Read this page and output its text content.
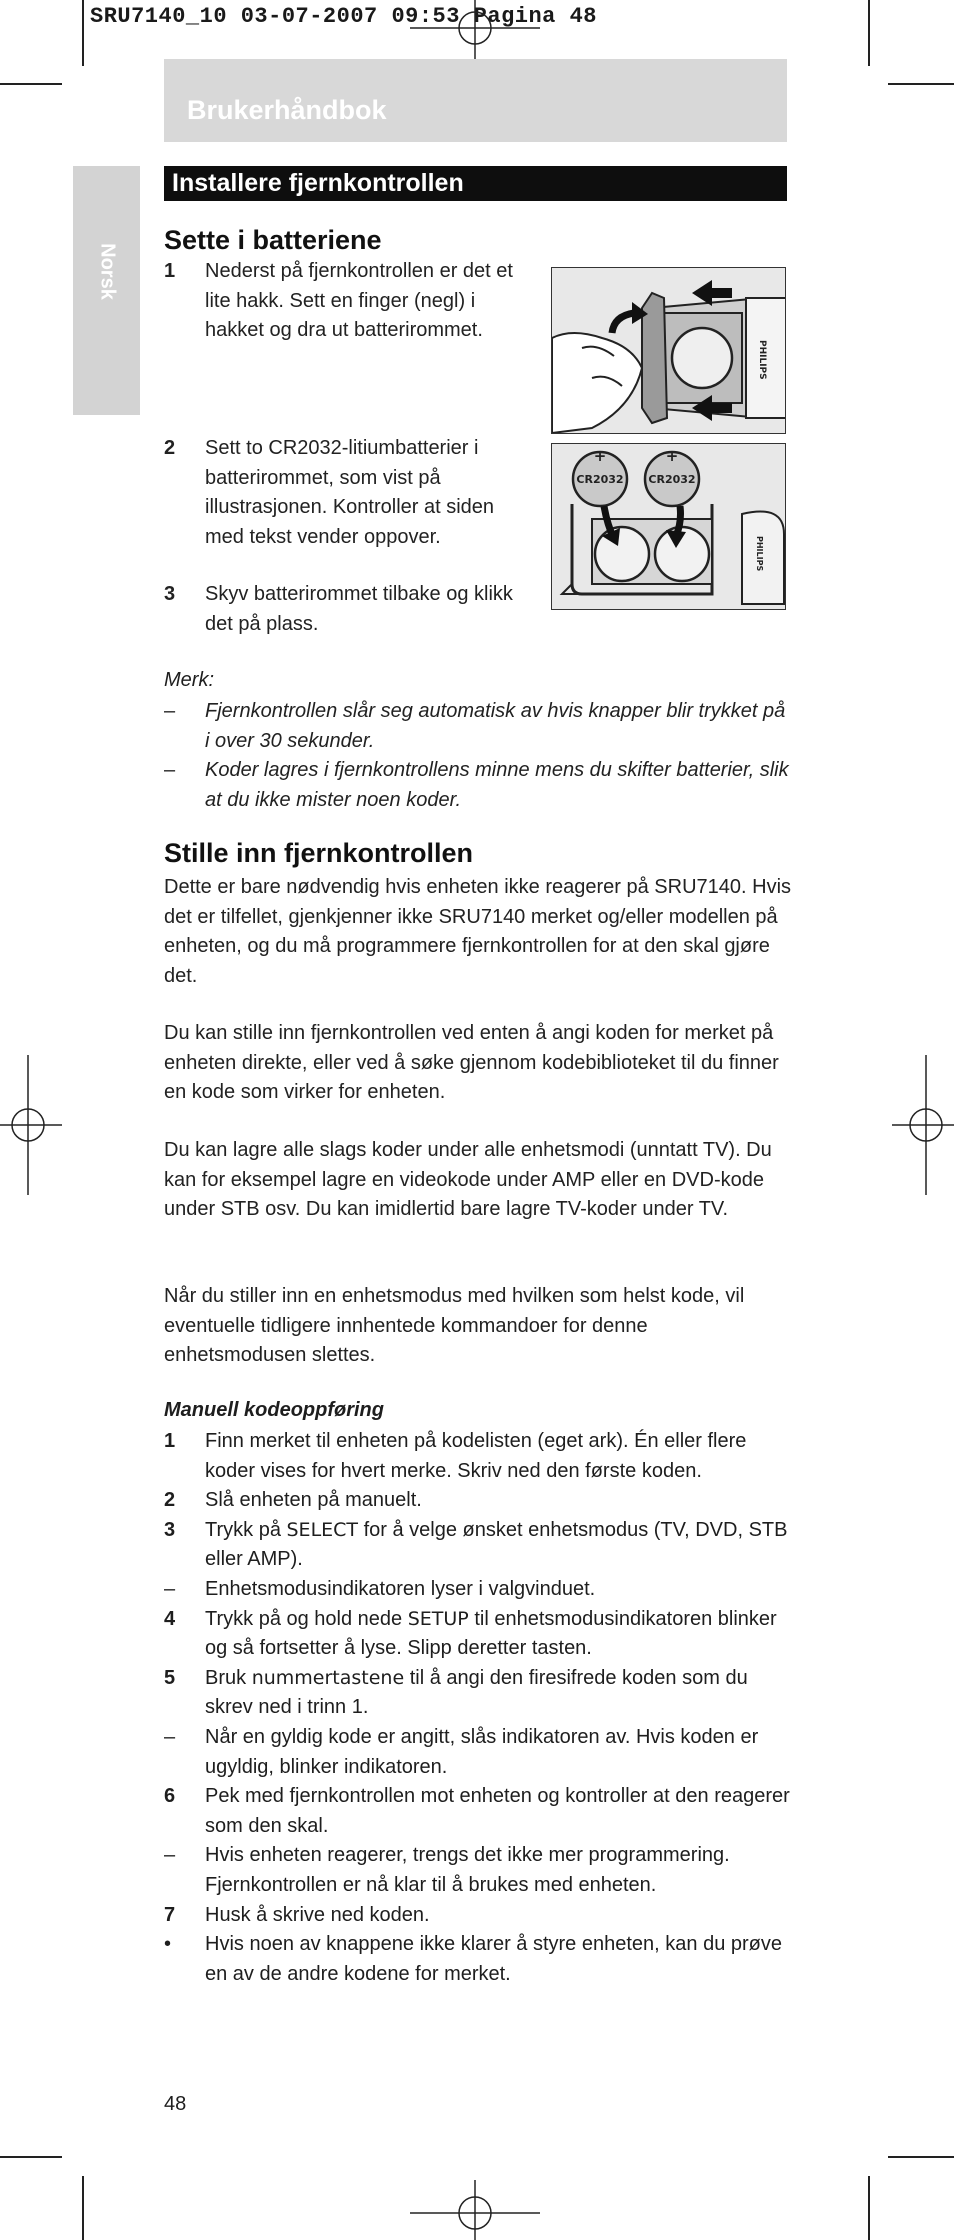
SRU7140_10 03-07-2007 09:53 Pagina 48
Brukerhåndbok
Norsk
Installere fjernkontrollen
Sette i batteriene
1 Nederst på fjernkontrollen er det et lite hakk. Sett en finger (negl) i hakket og dra ut batterirommet.

2 Sett to CR2032-litiumbatterier i batterirommet, som vist på illustrasjonen. Kontroller at siden med tekst vender oppover.

3 Skyv batterirommet tilbake og klikk det på plass.

PHILIPS
PHILIPS
+	+
CR2032 CR2032
Merk:
– Fjernkontrollen slår seg automatisk av hvis knapper blir trykket på i over 30 sekunder.

– Koder lagres i fjernkontrollens minne mens du skifter batterier, slik at du ikke mister noen koder.

Stille inn fjernkontrollen

Dette er bare nødvendig hvis enheten ikke reagerer på SRU7140. Hvis det er tilfellet, gjenkjenner ikke SRU7140 merket og/eller modellen på enheten, og du må programmere fjernkontrollen for at den skal gjøre det.

Du kan stille inn fjernkontrollen ved enten å angi koden for merket på enheten direkte, eller ved å søke gjennom kodebiblioteket til du finner en kode som virker for enheten.

Du kan lagre alle slags koder under alle enhetsmodi (unntatt TV). Du kan for eksempel lagre en videokode under AMP eller en DVD-kode under STB osv. Du kan imidlertid bare lagre TV-koder under TV.

Når du stiller inn en enhetsmodus med hvilken som helst kode, vil eventuelle tidligere innhentede kommandoer for denne enhetsmodusen slettes.

Manuell kodeoppføring
1 Finn merket til enheten på kodelisten (eget ark). Én eller flere koder vises for hvert merke. Skriv ned den første koden.
2 Slå enheten på manuelt.
3 Trykk på SELECT for å velge ønsket enhetsmodus (TV, DVD, STB eller AMP).
– Enhetsmodusindikatoren lyser i valgvinduet.
4 Trykk på og hold nede SETUP til enhetsmodusindikatoren blinker og så fortsetter å lyse. Slipp deretter tasten.
5 Bruk nummertastene til å angi den firesifrede koden som du skrev ned i trinn 1.
– Når en gyldig kode er angitt, slås indikatoren av. Hvis koden er ugyldig, blinker indikatoren.
6 Pek med fjernkontrollen mot enheten og kontroller at den reagerer som den skal.
– Hvis enheten reagerer, trengs det ikke mer programmering. Fjernkontrollen er nå klar til å brukes med enheten.
7 Husk å skrive ned koden.
• Hvis noen av knappene ikke klarer å styre enheten, kan du prøve en av de andre kodene for merket.
48
